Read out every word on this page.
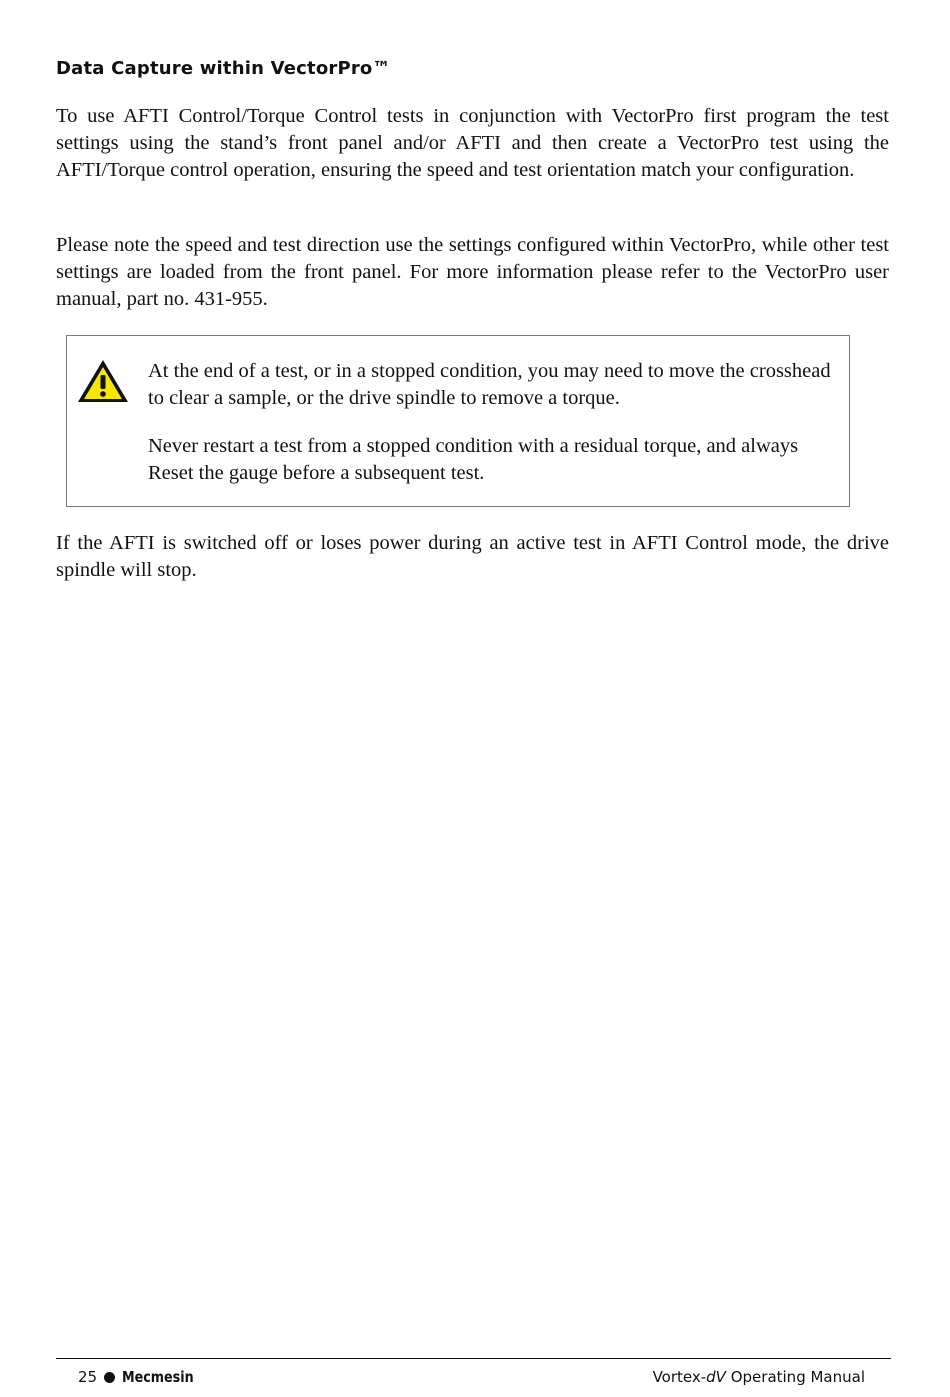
Data Capture within VectorPro™

To use AFTI Control/Torque Control tests in conjunction with VectorPro first program the test settings using the stand’s front panel and/or AFTI and then create a VectorPro test using the AFTI/Torque control operation, ensuring the speed and test orientation match your configuration.

Please note the speed and test direction use the settings configured within VectorPro, while other test settings are loaded from the front panel. For more information please refer to the VectorPro user manual, part no. 431-955.

At the end of a test, or in a stopped condition, you may need to move the crosshead to clear a sample, or the drive spindle to remove a torque.

Never restart a test from a stopped condition with a residual torque, and always Reset the gauge before a subsequent test.

If the AFTI is switched off or loses power during an active test in AFTI Control mode, the drive spindle will stop.

25 Mecmesin	Vortex-dV Operating Manual
